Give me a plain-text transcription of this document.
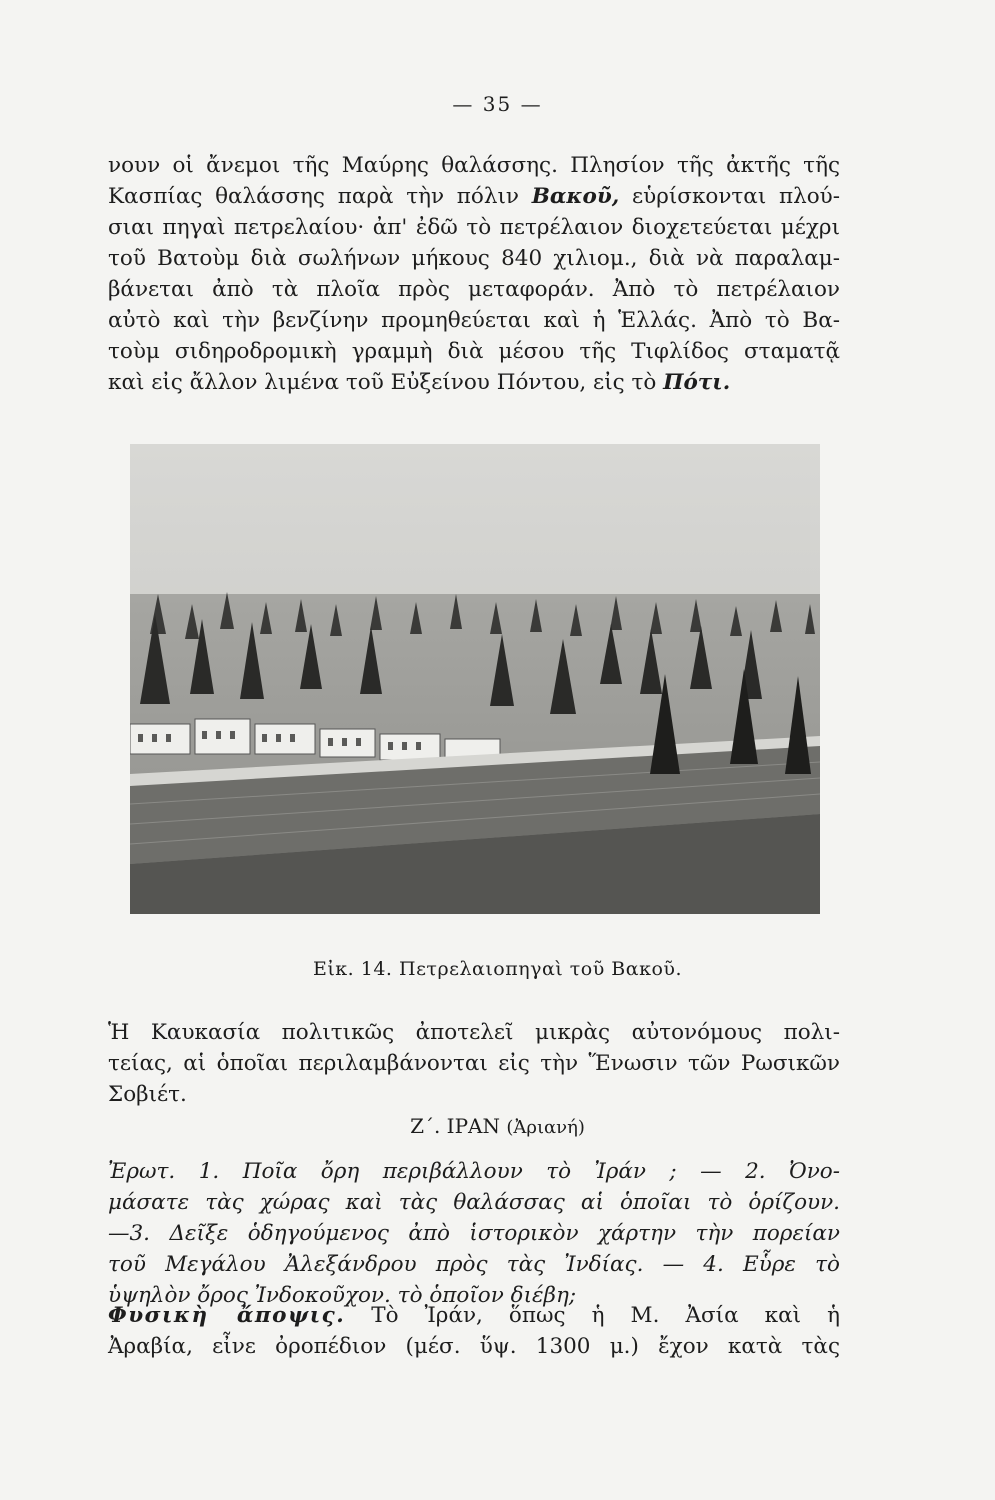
— 35 —
νουν οἱ ἄνεμοι τῆς Μαύρης θαλάσσης. Πλησίον τῆς ἀκτῆς τῆς
Κασπίας θαλάσσης παρὰ τὴν πόλιν Βακοῦ, εὑρίσκονται πλού-
σιαι πηγαὶ πετρελαίου· ἀπ' ἐδῶ τὸ πετρέλαιον διοχετεύεται μέχρι
τοῦ Βατοὺμ διὰ σωλήνων μήκους 840 χιλιομ., διὰ νὰ παραλαμ-
βάνεται ἀπὸ τὰ πλοῖα πρὸς μεταφοράν. Ἀπὸ τὸ πετρέλαιον
αὐτὸ καὶ τὴν βενζίνην προμηθεύεται καὶ ἡ Ἑλλάς. Ἀπὸ τὸ Βα-
τοὺμ σιδηροδρομικὴ γραμμὴ διὰ μέσου τῆς Τιφλίδος σταματᾷ
καὶ εἰς ἄλλον λιμένα τοῦ Εὐξείνου Πόντου, εἰς τὸ Πότι.
Εἰκ. 14. Πετρελαιοπηγαὶ τοῦ Βακοῦ.
Ἡ Καυκασία πολιτικῶς ἀποτελεῖ μικρὰς αὐτονόμους πολι-
τείας, αἱ ὁποῖαι περιλαμβάνονται εἰς τὴν Ἕνωσιν τῶν Ρωσικῶν
Σοβιέτ.
Ζ΄. ΙΡΑΝ (Ἀριανή)
Ἐρωτ. 1. Ποῖα ὄρη περιβάλλουν τὸ Ἰράν ; — 2. Ὀνο-
μάσατε τὰς χώρας καὶ τὰς θαλάσσας αἱ ὁποῖαι τὸ ὁρίζουν.
—3. Δεῖξε ὁδηγούμενος ἀπὸ ἱστορικὸν χάρτην τὴν πορείαν
τοῦ Μεγάλου Ἀλεξάνδρου πρὸς τὰς Ἰνδίας. — 4. Εὗρε τὸ
ὑψηλὸν ὄρος Ἰνδοκοῦχον. τὸ ὁποῖον διέβη;
Φυσικὴ ἄποψις. Τὸ Ἰράν, ὅπως ἡ Μ. Ἀσία καὶ ἡ
Ἀραβία, εἶνε ὀροπέδιον (μέσ. ὕψ. 1300 μ.) ἔχον κατὰ τὰς
